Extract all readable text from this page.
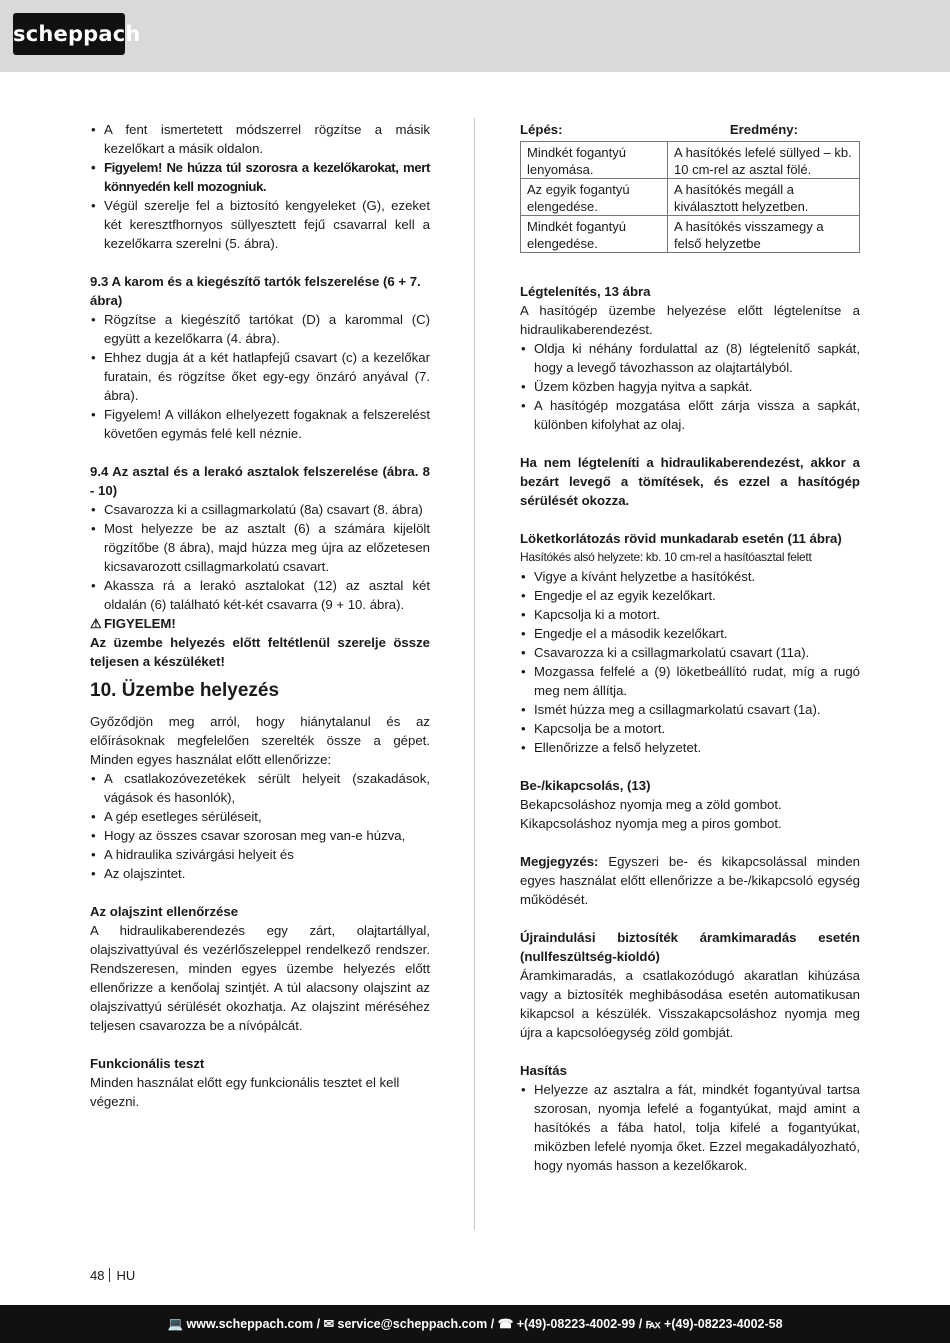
scheppach
• A fent ismertetett módszerrel rögzítse a másik kezelőkart a másik oldalon.
• Figyelem! Ne húzza túl szorosra a kezelőkarokat, mert könnyedén kell mozogniuk.
• Végül szerelje fel a biztosító kengyeleket (G), ezeket két keresztfhornyos süllyesztett fejű csavarral kell a kezelőkarra szerelni (5. ábra).
9.3 A karom és a kiegészítő tartók felszerelése (6 + 7. ábra)
• Rögzítse a kiegészítő tartókat (D) a karommal (C) együtt a kezelőkarra (4. ábra).
• Ehhez dugja át a két hatlapfejű csavart (c) a kezelőkar furatain, és rögzítse őket egy-egy önzáró anyával (7. ábra).
• Figyelem! A villákon elhelyezett fogaknak a felszerelést követően egymás felé kell néznie.
9.4 Az asztal és a lerakó asztalok felszerelése (ábra. 8 - 10)
• Csavarozza ki a csillagmarkolatú (8a) csavart (8. ábra)
• Most helyezze be az asztalt (6) a számára kijelölt rögzítőbe (8 ábra), majd húzza meg újra az előzetesen kicsavarozott csillagmarkolatú csavart.
• Akassza rá a lerakó asztalokat (12) az asztal két oldalán (6) található két-két csavarra (9 + 10. ábra).

⚠ FIGYELEM!

Az üzembe helyezés előtt feltétlenül szerelje össze teljesen a készüléket!

10. Üzembe helyezés

Győződjön meg arról, hogy hiánytalanul és az előírásoknak megfelelően szerelték össze a gépet. Minden egyes használat előtt ellenőrizze:

• A csatlakozóvezetékek sérült helyeit (szakadások, vágások és hasonlók),
• A gép esetleges sérüléseit,
• Hogy az összes csavar szorosan meg van-e húzva,
• A hidraulika szivárgási helyeit és
• Az olajszintet.
Az olajszint ellenőrzése

A hidraulikaberendezés egy zárt, olajtartállyal, olajszivattyúval és vezérlőszeleppel rendelkező rendszer. Rendszeresen, minden egyes üzembe helyezés előtt ellenőrizze a kenőolaj szintjét. A túl alacsony olajszint az olajszivattyú sérülését okozhatja. Az olajszint méréséhez teljesen csavarozza be a nívópálcát.

Funkcionális teszt

Minden használat előtt egy funkcionális tesztet el kell végezni.

Lépés:	Eredmény:
Mindkét fogantyú lenyomása.	A hasítókés lefelé süllyed – kb. 10 cm-rel az asztal fölé.
Az egyik fogantyú elengedése.	A hasítókés megáll a kiválasztott helyzetben.
Mindkét fogantyú elengedése.	A hasítókés visszamegy a felső helyzetbe
Légtelenítés, 13 ábra

A hasítógép üzembe helyezése előtt légtelenítse a hidraulikaberendezést.

• Oldja ki néhány fordulattal az (8) légtelenítő sapkát, hogy a levegő távozhasson az olajtartályból.
• Üzem közben hagyja nyitva a sapkát.
• A hasítógép mozgatása előtt zárja vissza a sapkát, különben kifolyhat az olaj.

Ha nem légteleníti a hidraulikaberendezést, akkor a bezárt levegő a tömítések, és ezzel a hasítógép sérülését okozza.

Löketkorlátozás rövid munkadarab esetén (11 ábra)

Hasítókés alsó helyzete: kb. 10 cm-rel a hasítóasztal felett

• Vigye a kívánt helyzetbe a hasítókést.
• Engedje el az egyik kezelőkart.
• Kapcsolja ki a motort.
• Engedje el a második kezelőkart.
• Csavarozza ki a csillagmarkolatú csavart (11a).
• Mozgassa felfelé a (9) löketbeállító rudat, míg a rugó meg nem állítja.
• Ismét húzza meg a csillagmarkolatú csavart (1a).
• Kapcsolja be a motort.
• Ellenőrizze a felső helyzetet.
Be-/kikapcsolás, (13)

Bekapcsoláshoz nyomja meg a zöld gombot.

Kikapcsoláshoz nyomja meg a piros gombot.

Megjegyzés: Egyszeri be- és kikapcsolással minden egyes használat előtt ellenőrizze a be-/kikapcsoló egység működését.

Újraindulási biztosíték áramkimaradás esetén (nullfeszültség-kioldó)

Áramkimaradás, a csatlakozódugó akaratlan kihúzása vagy a biztosíték meghibásodása esetén automatikusan kikapcsol a készülék. Visszakapcsoláshoz nyomja meg újra a kapcsolóegység zöld gombját.

Hasítás
• Helyezze az asztalra a fát, mindkét fogantyúval tartsa szorosan, nyomja lefelé a fogantyúkat, majd amint a hasítókés a fába hatol, tolja kifelé a fogantyúkat, miközben lefelé nyomja őket. Ezzel megakadályozható, hogy nyomás hasson a kezelőkarok.
48 HU
💻 www.scheppach.com / ✉ service@scheppach.com / ☎ +(49)-08223-4002-99 / ℻ +(49)-08223-4002-58
